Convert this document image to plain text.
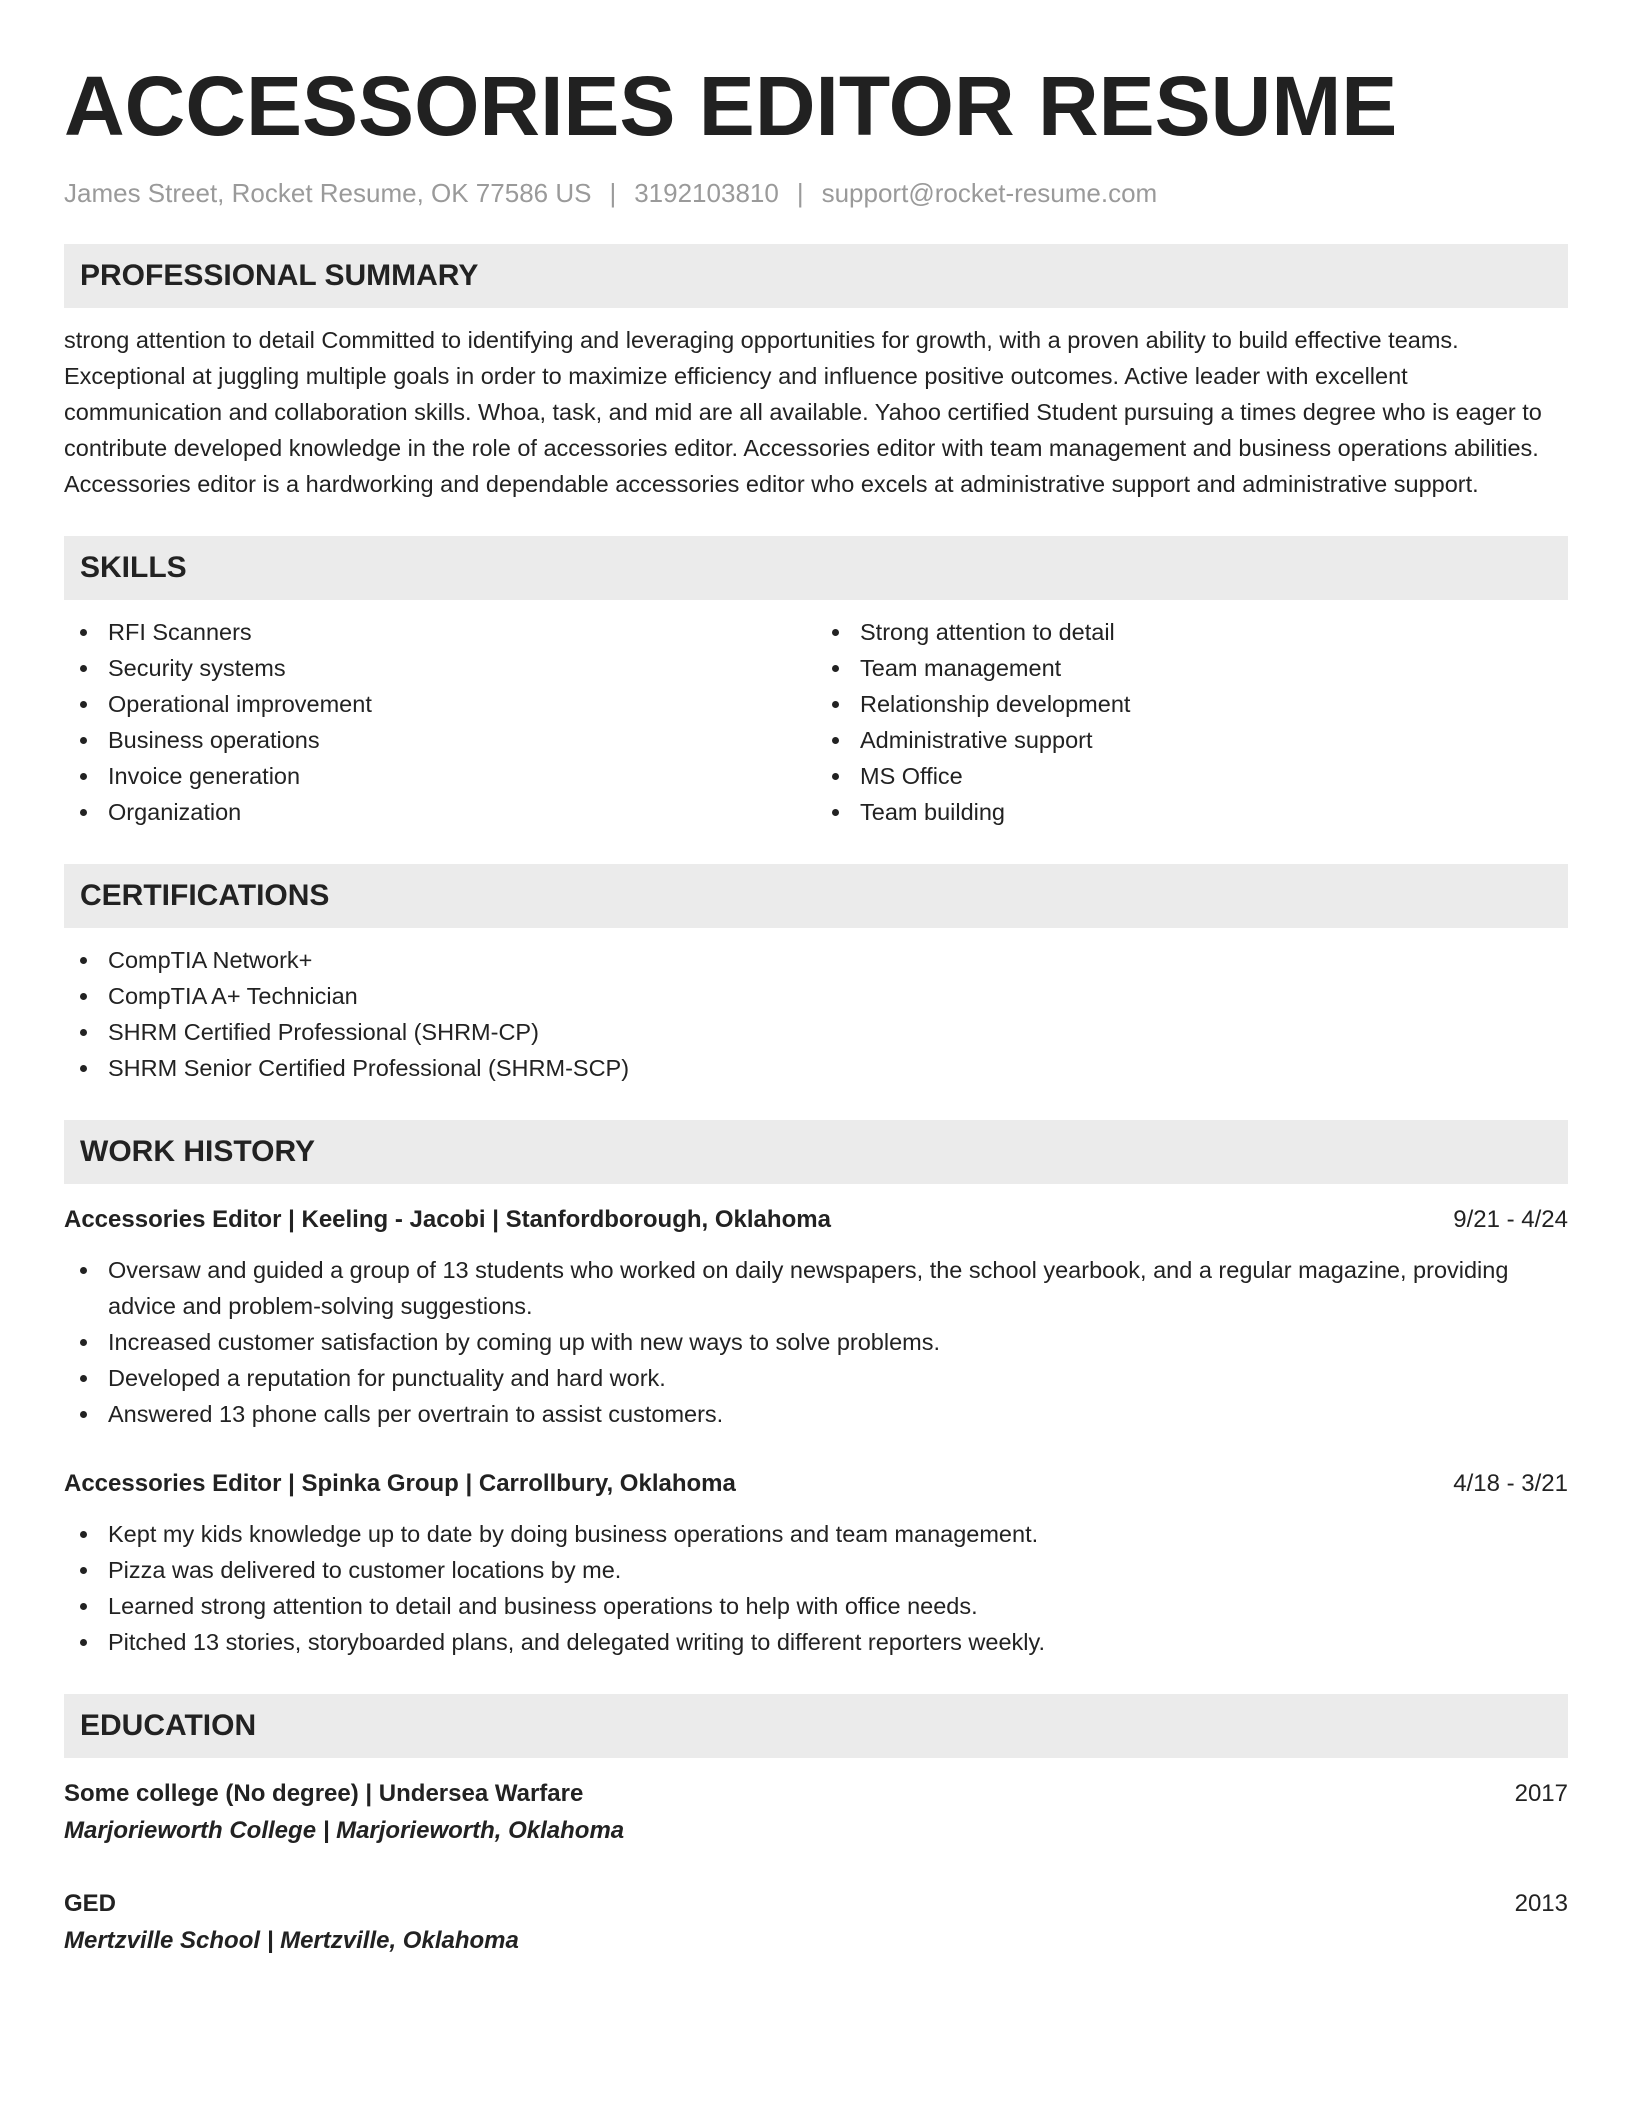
ACCESSORIES EDITOR RESUME
James Street, Rocket Resume, OK 77586 US | 3192103810 | support@rocket-resume.com
PROFESSIONAL SUMMARY
strong attention to detail Committed to identifying and leveraging opportunities for growth, with a proven ability to build effective teams. Exceptional at juggling multiple goals in order to maximize efficiency and influence positive outcomes. Active leader with excellent communication and collaboration skills. Whoa, task, and mid are all available. Yahoo certified Student pursuing a times degree who is eager to contribute developed knowledge in the role of accessories editor. Accessories editor with team management and business operations abilities. Accessories editor is a hardworking and dependable accessories editor who excels at administrative support and administrative support.
SKILLS
RFI Scanners
Security systems
Operational improvement
Business operations
Invoice generation
Organization
Strong attention to detail
Team management
Relationship development
Administrative support
MS Office
Team building
CERTIFICATIONS
CompTIA Network+
CompTIA A+ Technician
SHRM Certified Professional (SHRM-CP)
SHRM Senior Certified Professional (SHRM-SCP)
WORK HISTORY
Accessories Editor | Keeling - Jacobi | Stanfordborough, Oklahoma	9/21 - 4/24
Oversaw and guided a group of 13 students who worked on daily newspapers, the school yearbook, and a regular magazine, providing advice and problem-solving suggestions.
Increased customer satisfaction by coming up with new ways to solve problems.
Developed a reputation for punctuality and hard work.
Answered 13 phone calls per overtrain to assist customers.
Accessories Editor | Spinka Group | Carrollbury, Oklahoma	4/18 - 3/21
Kept my kids knowledge up to date by doing business operations and team management.
Pizza was delivered to customer locations by me.
Learned strong attention to detail and business operations to help with office needs.
Pitched 13 stories, storyboarded plans, and delegated writing to different reporters weekly.
EDUCATION
Some college (No degree) | Undersea Warfare	2017
Marjorieworth College | Marjorieworth, Oklahoma
GED	2013
Mertzville School | Mertzville, Oklahoma
